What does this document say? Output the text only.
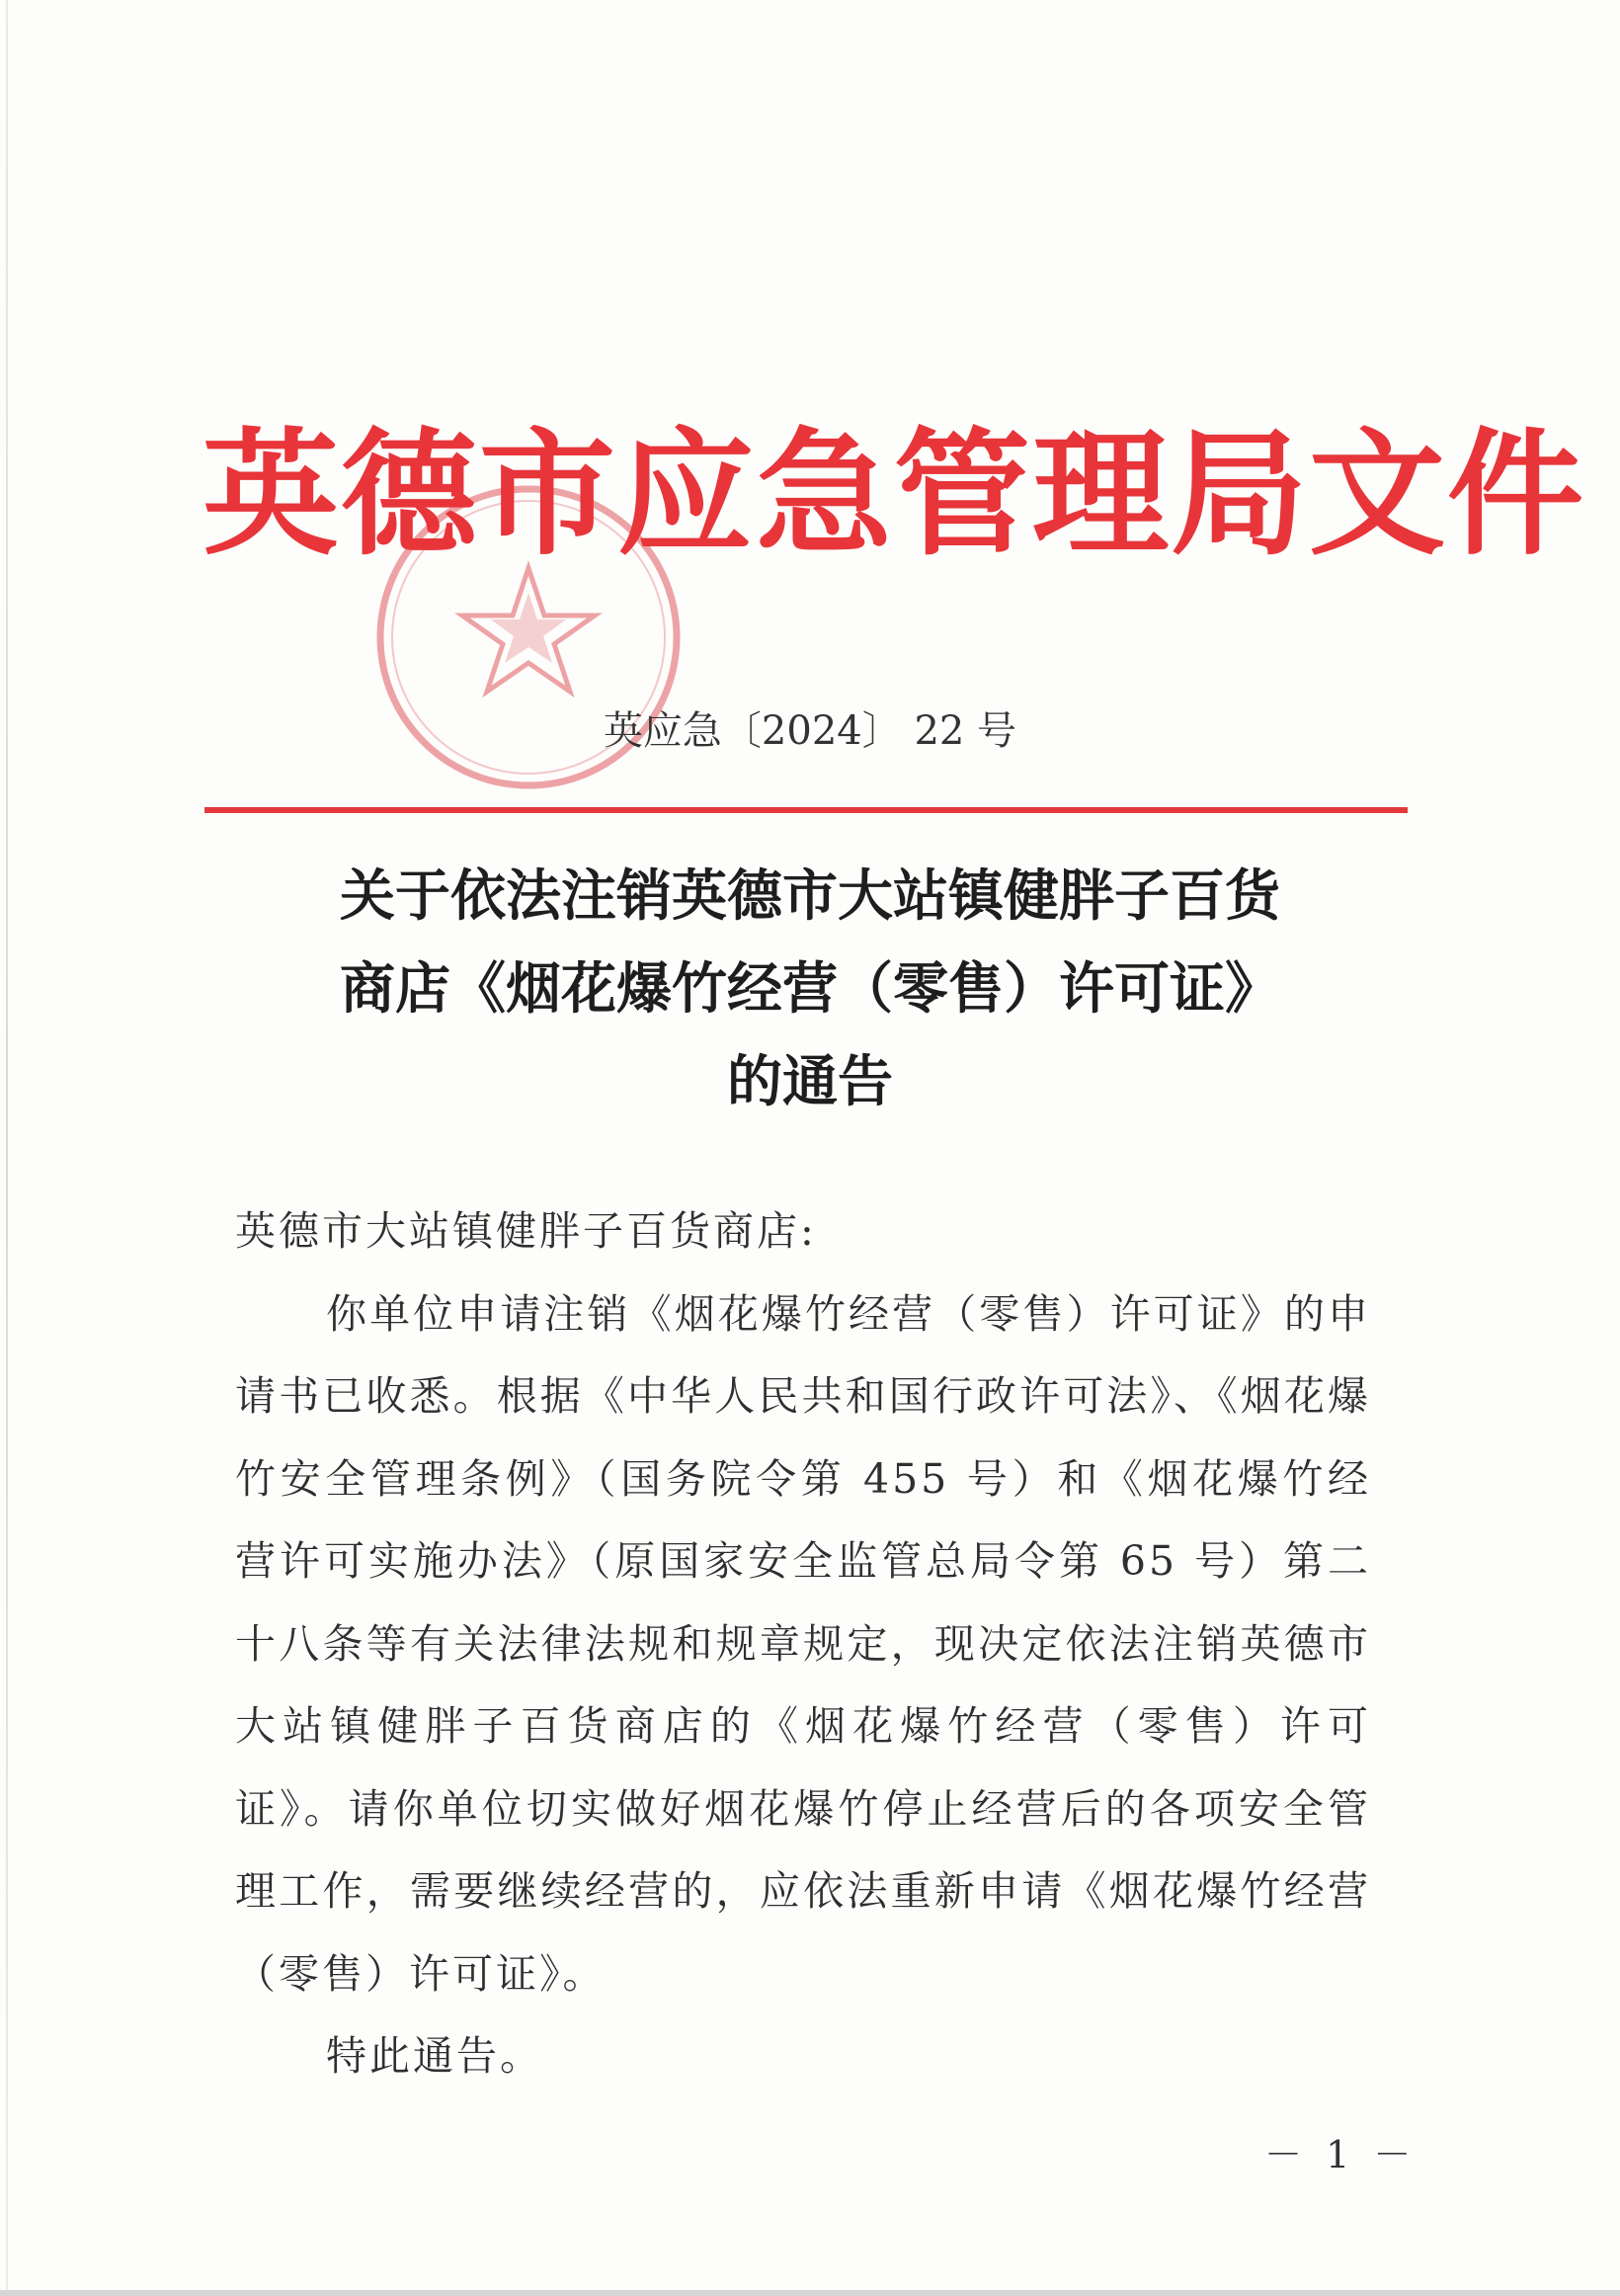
英德市应急管理局文件
英应急〔2024〕 22 号
关于依法注销英德市大站镇健胖子百货
商店《烟花爆竹经营（零售）许可证》
的通告

英德市大站镇健胖子百货商店:

你单位申请注销《烟花爆竹经营（零售）许可证》的申请书已收悉。根据《中华人民共和国行政许可法》、《烟花爆竹安全管理条例》（国务院令第 455 号）和《烟花爆竹经营许可实施办法》（原国家安全监管总局令第 65 号）第二十八条等有关法律法规和规章规定，现决定依法注销英德市大站镇健胖子百货商店的《烟花爆竹经营（零售）许可证》。请你单位切实做好烟花爆竹停止经营后的各项安全管理工作，需要继续经营的，应依法重新申请《烟花爆竹经营（零售）许可证》。

特此通告。

－ 1 －
